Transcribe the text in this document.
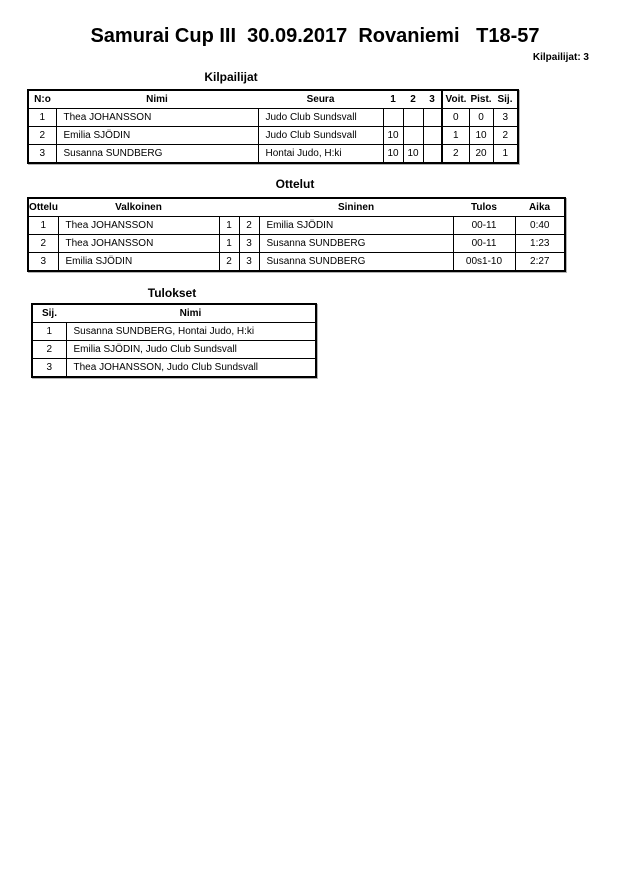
Samurai Cup III  30.09.2017  Rovaniemi   T18-57
Kilpailijat: 3
Kilpailijat
N:o	Nimi	Seura	1	2	3	Voit.	Pist.	Sij.
1	Thea JOHANSSON	Judo Club Sundsvall				0	0	3
2	Emilia SJÖDIN	Judo Club Sundsvall	10			1	10	2
3	Susanna SUNDBERG	Hontai Judo, H:ki	10	10		2	20	1
Ottelut
Ottelu	Valkoinen			Sininen	Tulos	Aika
1	Thea JOHANSSON	1	2	Emilia SJÖDIN	00-11	0:40
2	Thea JOHANSSON	1	3	Susanna SUNDBERG	00-11	1:23
3	Emilia SJÖDIN	2	3	Susanna SUNDBERG	00s1-10	2:27
Tulokset
Sij.	Nimi
1	Susanna SUNDBERG, Hontai Judo, H:ki
2	Emilia SJÖDIN, Judo Club Sundsvall
3	Thea JOHANSSON, Judo Club Sundsvall
